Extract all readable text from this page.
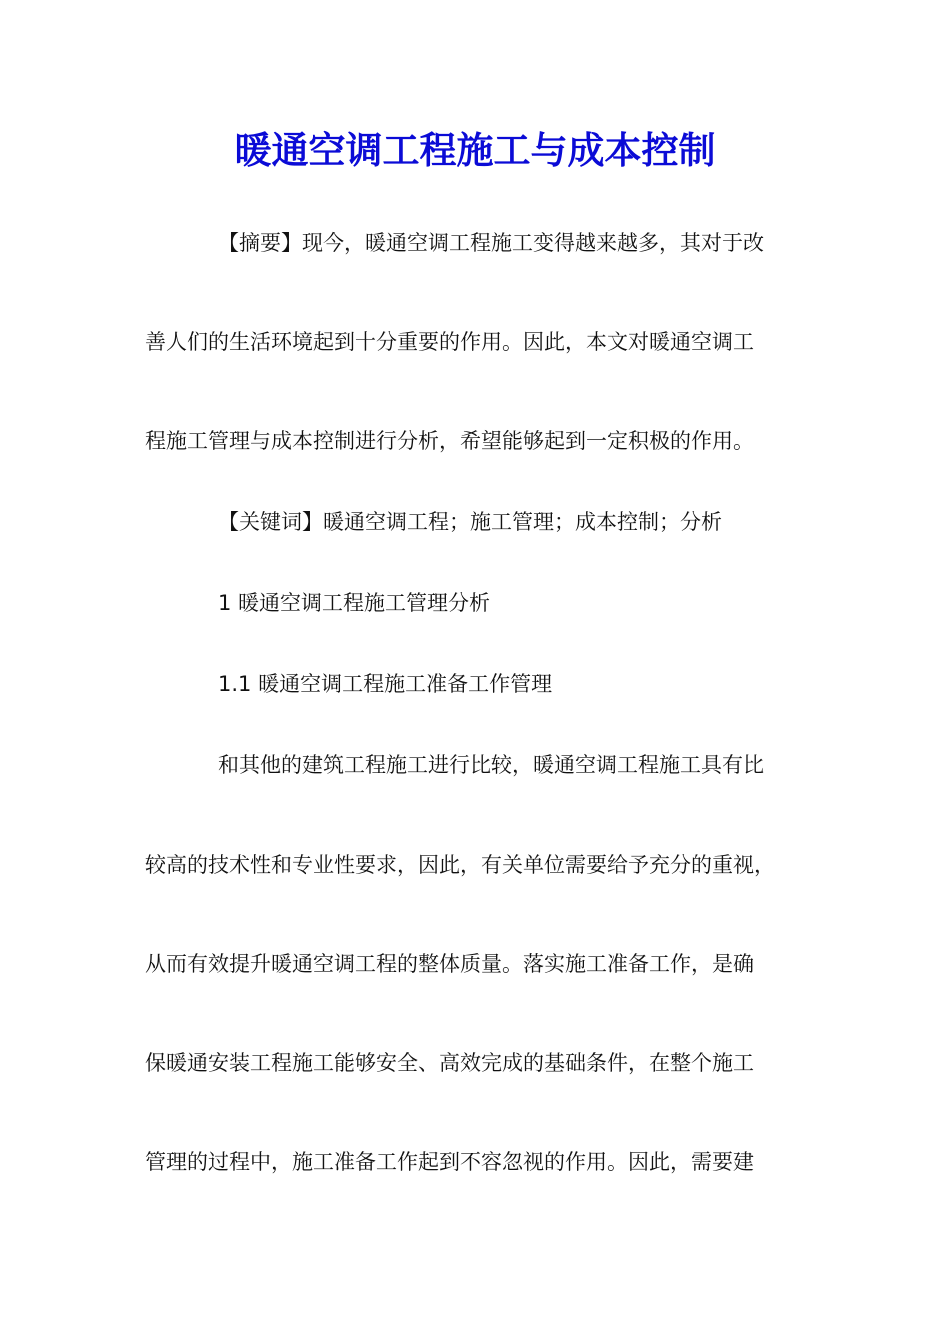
暖通空调工程施工与成本控制

【摘要】现今，暖通空调工程施工变得越来越多，其对于改

善人们的生活环境起到十分重要的作用。因此，本文对暖通空调工

程施工管理与成本控制进行分析，希望能够起到一定积极的作用。

【关键词】暖通空调工程；施工管理；成本控制；分析

1 暖通空调工程施工管理分析

1.1 暖通空调工程施工准备工作管理

和其他的建筑工程施工进行比较，暖通空调工程施工具有比

较高的技术性和专业性要求，因此，有关单位需要给予充分的重视，

从而有效提升暖通空调工程的整体质量。落实施工准备工作，是确

保暖通安装工程施工能够安全、高效完成的基础条件，在整个施工

管理的过程中，施工准备工作起到不容忽视的作用。因此，需要建
